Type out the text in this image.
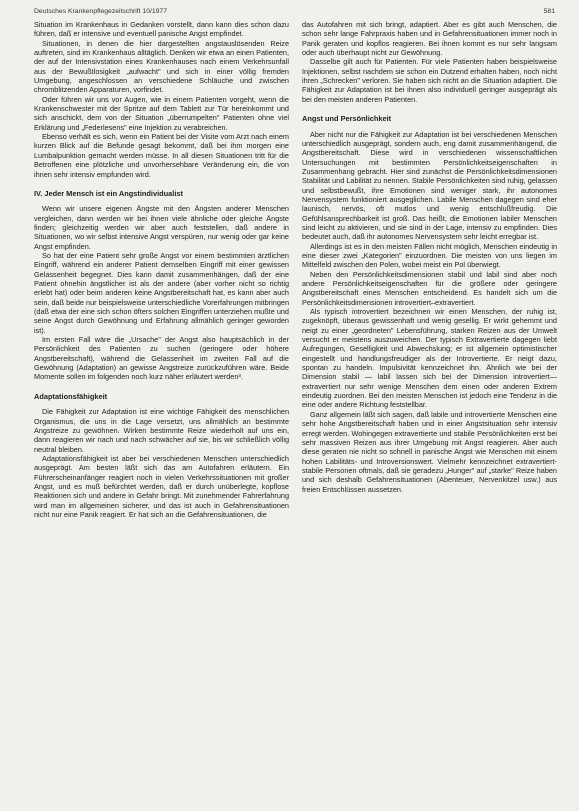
Deutsches Krankenpflegezeitschrift 10/1977	581

Situation im Krankenhaus in Gedanken vorstellt, dann kann dies schon dazu führen, daß er intensive und eventuell panische Angst empfindet.

Situationen, in denen die hier dargestellten angstauslösenden Reize auftreten, sind im Krankenhaus alltäglich. Denken wir etwa an einen Patienten, der auf der Intensivstation eines Krankenhauses nach einem Verkehrsunfall aus der Bewußtlosigkeit „aufwacht" und sich in einer völlig fremden Umgebung, angeschlossen an verschiedene Schläuche und zwischen chromblitzenden Apparaturen, vorfindet.

Oder führen wir uns vor Augen, wie in einem Patienten vorgeht, wenn die Krankenschwester mit der Spritze auf dem Tablett zur Tür hereinkommt und sich anschickt, dem von der Situation „überrumpelten" Patienten ohne viel Erklärung und „Federlesens" eine Injektion zu verabreichen.

Ebenso verhält es sich, wenn ein Patient bei der Visite vom Arzt nach einem kurzen Blick auf die Befunde gesagt bekommt, daß bei ihm morgen eine Lumbalpunktion gemacht werden müsse. In all diesen Situationen tritt für die Betroffenen eine plötzliche und unvorhersehbare Veränderung ein, die von ihnen sehr intensiv empfunden wird.

IV. Jeder Mensch ist ein Angstindividualist

Wenn wir unsere eigenen Ängste mit den Ängsten anderer Menschen vergleichen, dann werden wir bei ihnen viele ähnliche oder gleiche Ängste finden; gleichzeitig werden wir aber auch feststellen, daß andere in Situationen, wo wir selbst intensive Angst verspüren, nur wenig oder gar keine Angst empfinden.

So hat der eine Patient sehr große Angst vor einem bestimmten ärztlichen Eingriff, während ein anderer Patient demselben Eingriff mit einer gewissen Gelassenheit begegnet. Dies kann damit zusammenhängen, daß der eine Patient ohnehin ängstlicher ist als der andere (aber vorher nicht so richtig erlebt hat) oder beim anderen keine Angstbereitschaft hat, es kann aber auch sein, daß beide nur beispielsweise unterschiedliche Vorerfahrungen mitbringen (daß etwa der eine sich schon öfters solchen Eingriffen unterziehen mußte und seine Angst durch Gewöhnung und Erfahrung allmählich geringer geworden ist).

Im ersten Fall wäre die „Ursache" der Angst also hauptsächlich in der Persönlichkeit des Patienten zu suchen (geringere oder höhere Angstbereitschaft), während die Gelassenheit im zweiten Fall auf die Gewöhnung (Adaptation) an gewisse Angstreize zurückzuführen wäre. Beide Momente sollen im folgenden noch kurz näher erläutert werden³.

Adaptationsfähigkeit

Die Fähigkeit zur Adaptation ist eine wichtige Fähigkeit des menschlichen Organismus, die uns in die Lage versetzt, uns allmählich an bestimmte Angstreize zu gewöhnen. Wirken bestimmte Reize wiederholt auf uns ein, dann reagieren wir nach und nach schwächer auf sie, bis wir schließlich völlig neutral bleiben.

Adaptationsfähigkeit ist aber bei verschiedenen Menschen unterschiedlich ausgeprägt. Am besten läßt sich das am Autofahren erläutern. Ein Führerscheinanfänger reagiert noch in vielen Verkehrssituationen mit großer Angst, und es muß befürchtet werden, daß er durch unüberlegte, kopflose Reaktionen sich und andere in Gefahr bringt. Mit zunehmender Fahrerfahrung wird man im allgemeinen sicherer, und das ist auch in Gefahrensituationen nicht nur eine Panik reagiert. Er hat sich an die Gefahrensituationen, die

das Autofahren mit sich bringt, adaptiert. Aber es gibt auch Menschen, die schon sehr lange Fahrpraxis haben und in Gefahrensituationen immer noch in Panik geraten und kopflos reagieren. Bei ihnen kommt es nur sehr langsam oder auch überhaupt nicht zur Gewöhnung.

Dasselbe gilt auch für Patienten. Für viele Patienten haben beispielsweise Injektionen, selbst nachdem sie schon ein Dutzend erhalten haben, noch nicht ihren „Schrecken" verloren. Sie haben sich nicht an die Situation adaptiert. Die Fähigkeit zur Adaptation ist bei ihnen also individuell geringer ausgeprägt als bei den meisten anderen Patienten.

Angst und Persönlichkeit

Aber nicht nur die Fähigkeit zur Adaptation ist bei verschiedenen Menschen unterschiedlich ausgeprägt, sondern auch, eng damit zusammenhängend, die Angstbereitschaft. Diese wird in verschiedenen wissenschaftlichen Untersuchungen mit bestimmten Persönlichkeitseigenschaften in Zusammenhang gebracht. Hier sind zunächst die Persönlichkeitsdimensionen Stabilität und Labilität zu nennen. Stabile Persönlichkeiten sind ruhig, gelassen und selbstbewußt, ihre Emotionen sind weniger stark, ihr autonomes Nervensystem funktioniert ausgeglichen. Labile Menschen dagegen sind eher launisch, nervös, oft mutlos und wenig entschlußfreudig. Die Gefühlsansprechbarkeit ist groß. Das heißt, die Emotionen labiler Menschen sind leicht zu aktivieren, und sie sind in der Lage, intensiv zu empfinden. Dies bedeutet auch, daß ihr autonomes Nervensystem sehr leicht erregbar ist.

Allerdings ist es in den meisten Fällen nicht möglich, Menschen eindeutig in eine dieser zwei „Kategorien" einzuordnen. Die meisten von uns liegen im Mittelfeld zwischen den Polen, wobei meist ein Pol überwiegt.

Neben den Persönlichkeitsdimensionen stabil und labil sind aber noch andere Persönlichkeitseigenschaften für die größere oder geringere Angstbereitschaft eines Menschen entscheidend. Es handelt sich um die Persönlichkeitsdimensionen introvertiert–extravertiert.

Als typisch introvertiert bezeichnen wir einen Menschen, der ruhig ist, zugeknöpft, überaus gewissenhaft und wenig gesellig. Er wirkt gehemmt und neigt zu einer „geordneten" Lebensführung, starken Reizen aus der Umwelt versucht er meistens auszuweichen. Der typisch Extravertierte dagegen liebt Aufregungen, Geselligkeit und Abwechslung; er ist allgemein optimistischer eingestellt und handlungsfreudiger als der Introvertierte. Er neigt dazu, spontan zu handeln. Impulsivität kennzeichnet ihn. Ähnlich wie bei der Dimension stabil — labil lassen sich bei der Dimension introvertiert—extravertiert nur sehr wenige Menschen dem einen oder anderen Extrem eindeutig zuordnen. Bei den meisten Menschen ist jedoch eine Tendenz in die eine oder andere Richtung feststellbar.

Ganz allgemein läßt sich sagen, daß labile und introvertierte Menschen eine sehr hohe Angstbereitschaft haben und in einer Angstsituation sehr intensiv erregt werden. Wohingegen extravertierte und stabile Persönlichkeiten erst bei sehr massiven Reizen aus ihrer Umgebung mit Angst reagieren. Aber auch diese geraten nie nicht so schnell in panische Angst wie Menschen mit einem hohen Labilitäts- und Introversionswert. Vielmehr kennzeichnet extravertiert-stabile Personen oftmals, daß sie geradezu „Hunger" auf „starke" Reize haben und sich deshalb Gefahrensituationen (Abenteuer, Nervenkitzel usw.) aus freien Entschlüssen aussetzen.
